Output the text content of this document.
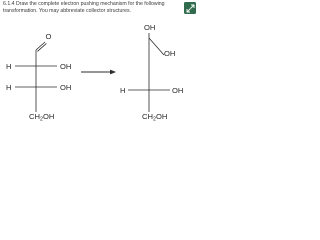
6.1.4 Draw the complete electron pushing mechanism for the following transformation. You may abbreviate collector structures.
O
H	OH
H	OH
$CH_2OH$
OH
OH
H	OH
$CH_2OH$
